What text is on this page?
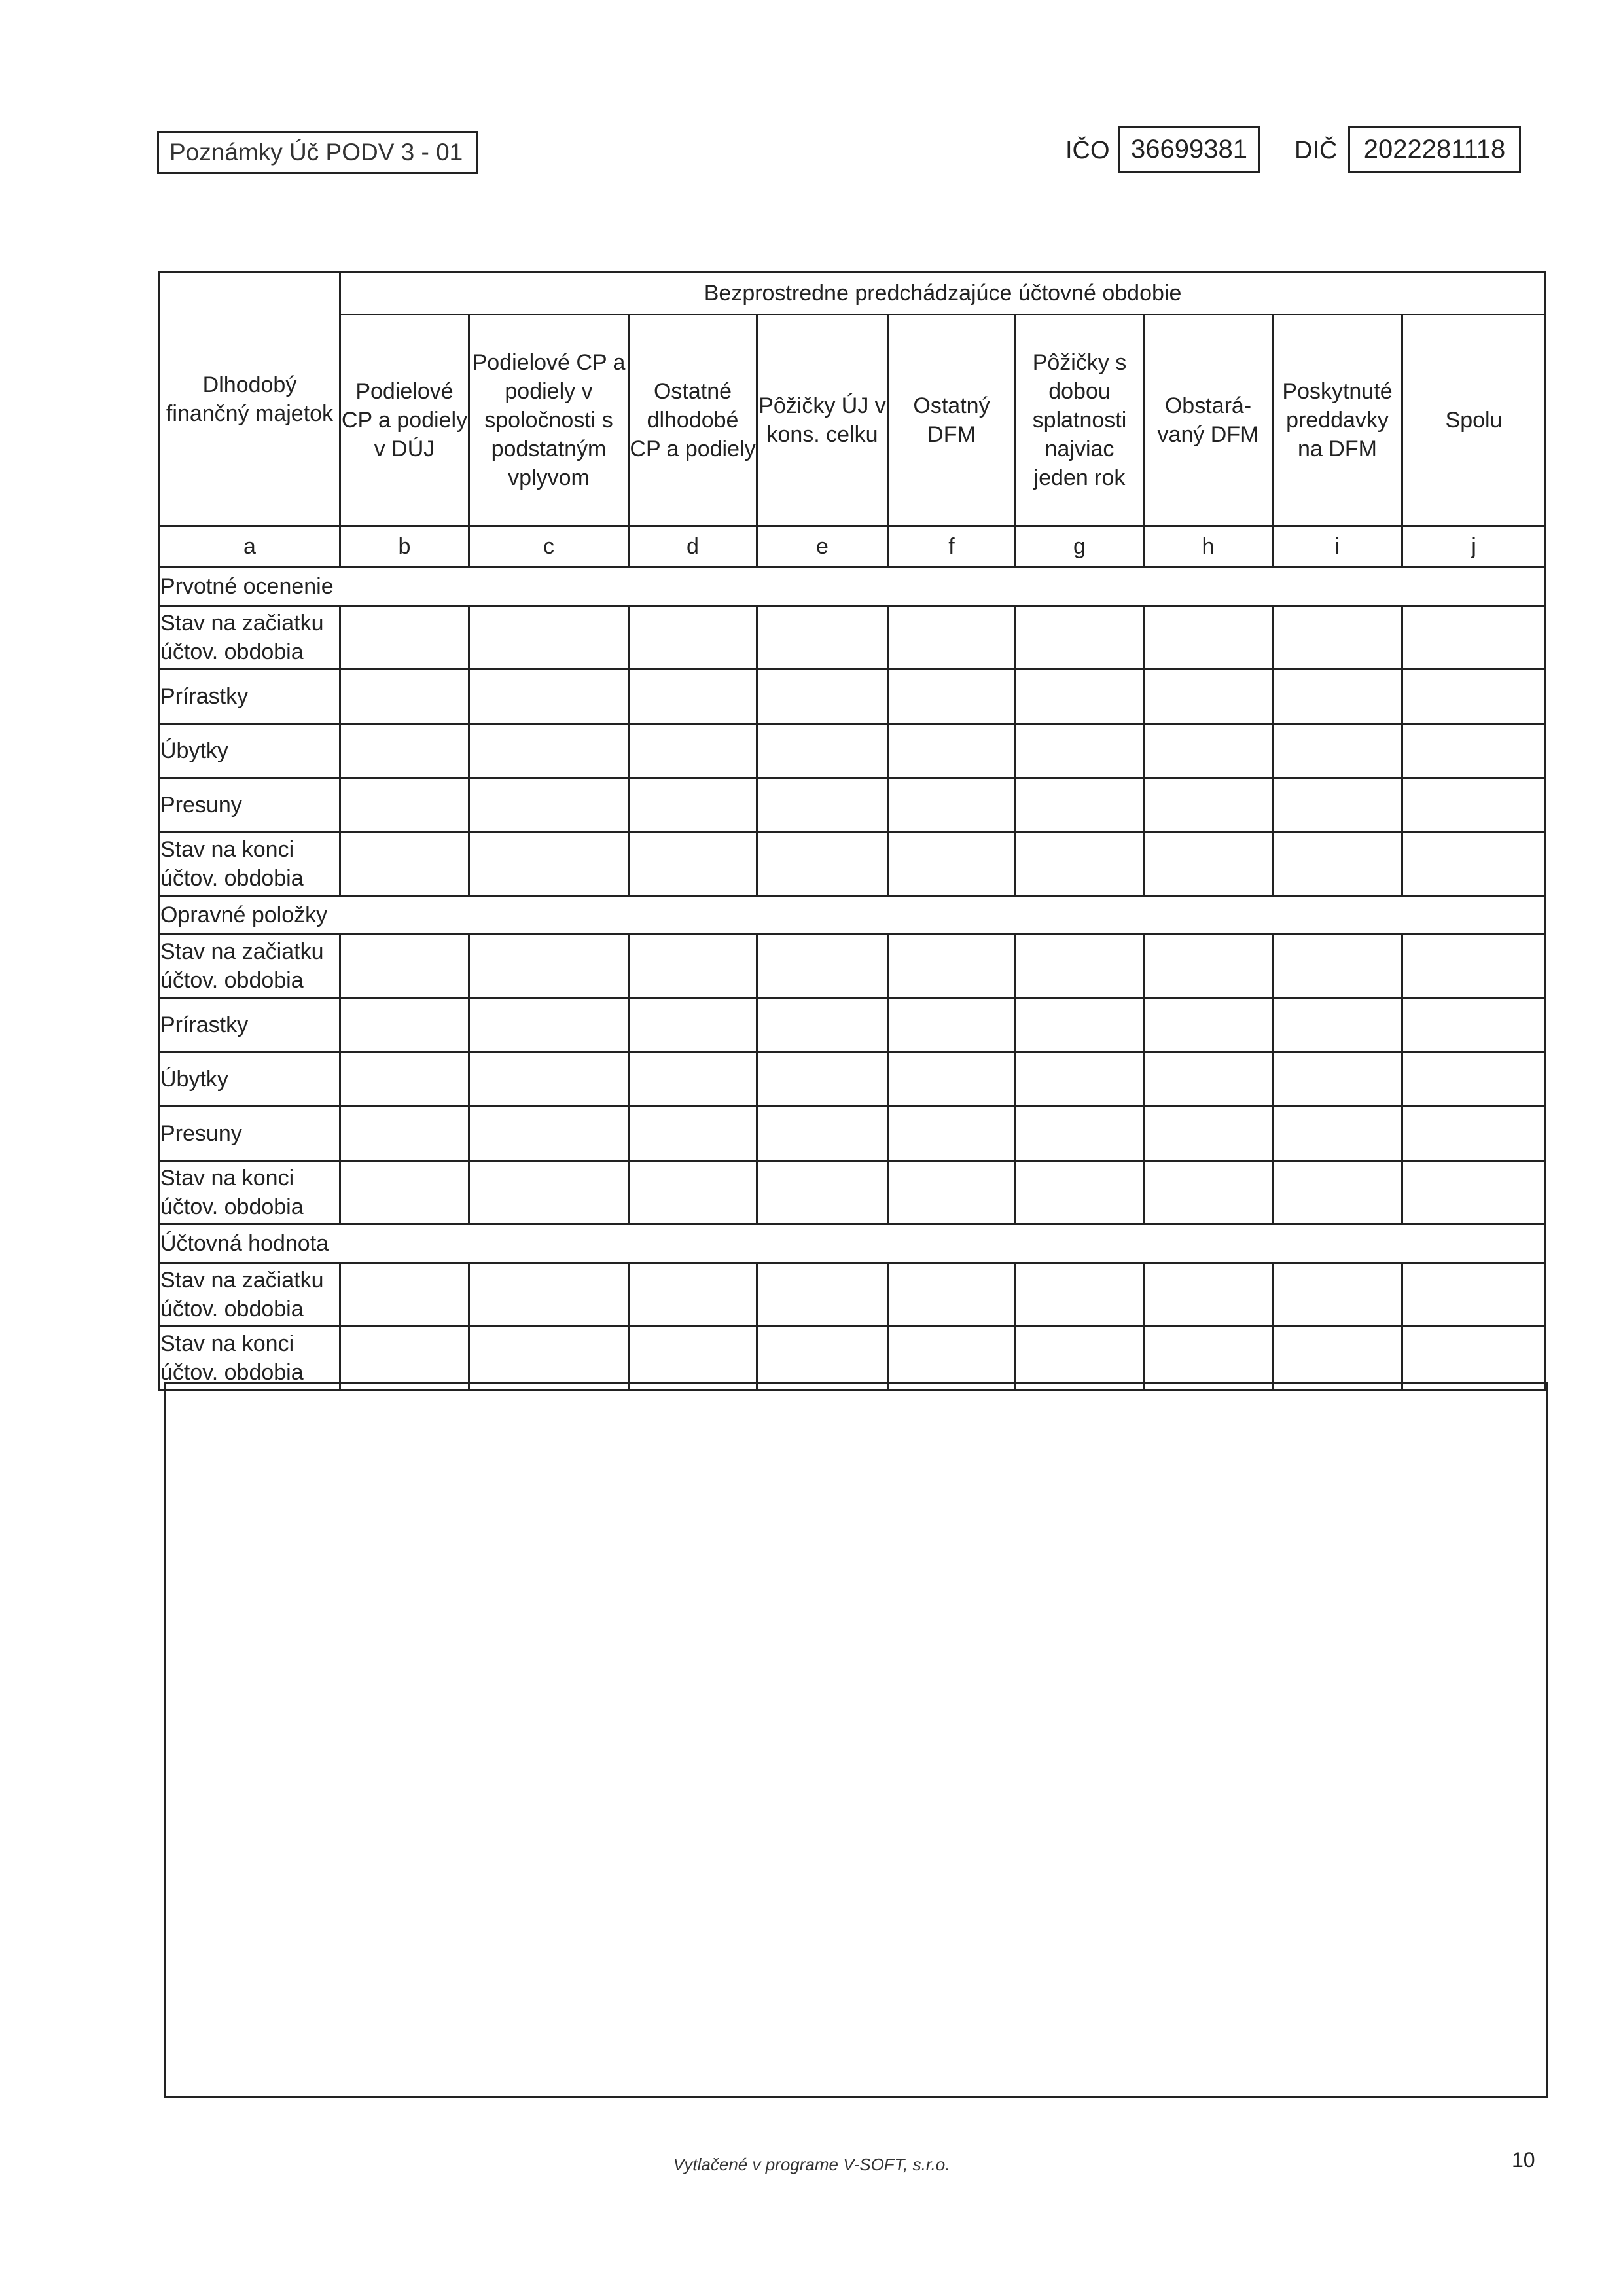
Poznámky Úč PODV 3 - 01	IČO 36699381	DIČ	2022281118
Dlhodobý finančný majetok	Bezprostredne predchádzajúce účtovné obdobie								
	Podielové CP a podiely v DÚJ	Podielové CP a podiely v spoločnosti s podstatným vplyvom	Ostatné dlhodobé CP a podiely	Pôžičky ÚJ v kons. celku	Ostatný DFM	Pôžičky s dobou splatnosti najviac jeden rok	Obstará- vaný DFM	Poskytnuté preddavky na DFM	Spolu
a	b	c	d	e	f	g	h	i	j
Prvotné ocenenie									
Stav na začiatku účtov. obdobia									
Prírastky									
Úbytky									
Presuny									
Stav na konci účtov. obdobia									
Opravné položky									
Stav na začiatku účtov. obdobia									
Prírastky									
Úbytky									
Presuny									
Stav na konci účtov. obdobia									
Účtovná hodnota									
Stav na začiatku účtov. obdobia									
Stav na konci účtov. obdobia									
Vytlačené v programe V-SOFT, s.r.o.	10
